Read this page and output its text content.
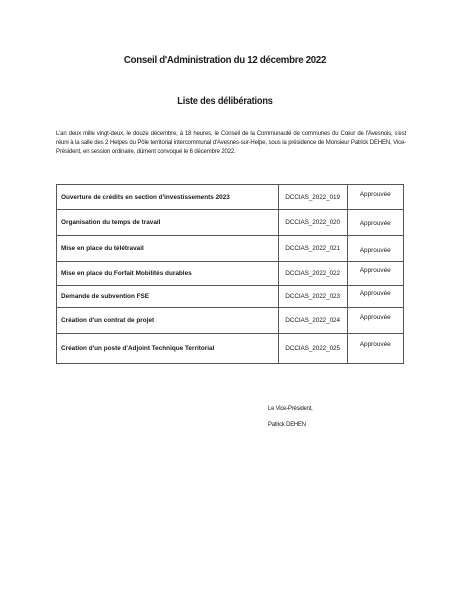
Conseil d'Administration du 12 décembre 2022
Liste des délibérations
L'an deux mille vingt-deux, le douze décembre, à 18 heures, le Conseil de la Communauté de communes du Cœur de l'Avesnois, s'est réuni à la salle des 2 Helpes du Pôle territorial intercommunal d'Avesnes-sur-Helpe, sous la présidence de Monsieur Patrick DEHEN, Vice-Président, en session ordinaire, dûment convoqué le 6 décembre 2022.
Ouverture de crédits en section d'investissements 2023	DCCIAS_2022_019	Approuvée
Organisation du temps de travail	DCCIAS_2022_020	Approuvée
Mise en place du télétravail	DCCIAS_2022_021	Approuvée
Mise en place du Forfait Mobilités durables	DCCIAS_2022_022	Approuvée
Demande de subvention FSE	DCCIAS_2022_023	Approuvée
Création d'un contrat de projet	DCCIAS_2022_024	Approuvée
Création d'un poste d'Adjoint Technique Territorial	DCCIAS_2022_025	Approuvée
Le Vice-Président,
Patrick DEHEN
